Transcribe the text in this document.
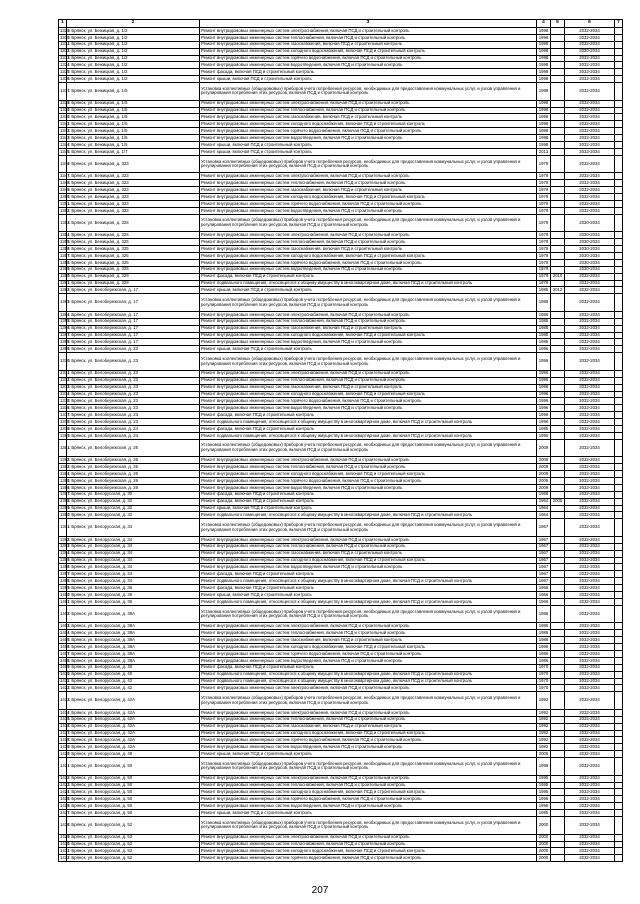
1	2	3	4	5	6	7
1329	г. Брянск, ул. Бежицкая, д. 1/2	Ремонт внутридомовых инженерных систем электроснабжения, включая ПСД и строительный контроль	1998		2032-2034	
1330	г. Брянск, ул. Бежицкая, д. 1/2	Ремонт внутридомовых инженерных систем теплоснабжения, включая ПСД и строительный контроль	1998		2032-2034	
1331	г. Брянск, ул. Бежицкая, д. 1/2	Ремонт внутридомовых инженерных систем газоснабжения, включая ПСД и строительный контроль	1998		2032-2034	
1332	г. Брянск, ул. Бежицкая, д. 1/2	Ремонт внутридомовых инженерных систем холодного водоснабжения, включая ПСД и строительный контроль	1998		2030-2034	
1333	г. Брянск, ул. Бежицкая, д. 1/2	Ремонт внутридомовых инженерных систем горячего водоснабжения, включая ПСД и строительный контроль	1998		2032-2034	
1334	г. Брянск, ул. Бежицкая, д. 1/2	Ремонт внутридомовых инженерных систем водоотведения, включая ПСД и строительный контроль	1998		2032-2034	
1335	г. Брянск, ул. Бежицкая, д. 1/2	Ремонт фасада, включая ПСД и строительный контроль	1998		2032-2034	
1336	г. Брянск, ул. Бежицкая, д. 1/2	Ремонт крыши, включая ПСД и строительный контроль	1998		2032-2034	
1337	г. Брянск, ул. Бежицкая, д. 1/5	Установка коллективных (общедомовых) приборов учета потребления ресурсов, необходимых для предоставления коммунальных услуг, и узлов управления и регулирования потребления этих ресурсов, включая ПСД и строительный контроль	1998		2032-2034	
1338	г. Брянск, ул. Бежицкая, д. 1/5	Ремонт внутридомовых инженерных систем электроснабжения, включая ПСД и строительный контроль	1998		2032-2034	
1339	г. Брянск, ул. Бежицкая, д. 1/5	Ремонт внутридомовых инженерных систем теплоснабжения, включая ПСД и строительный контроль	1998		2032-2034	
1340	г. Брянск, ул. Бежицкая, д. 1/5	Ремонт внутридомовых инженерных систем газоснабжения, включая ПСД и строительный контроль	1998		2032-2034	
1341	г. Брянск, ул. Бежицкая, д. 1/5	Ремонт внутридомовых инженерных систем холодного водоснабжения, включая ПСД и строительный контроль	1998		2032-2034	
1342	г. Брянск, ул. Бежицкая, д. 1/5	Ремонт внутридомовых инженерных систем горячего водоснабжения, включая ПСД и строительный контроль	1998		2032-2034	
1343	г. Брянск, ул. Бежицкая, д. 1/5	Ремонт внутридомовых инженерных систем водоотведения, включая ПСД и строительный контроль	1998		2032-2034	
1344	г. Брянск, ул. Бежицкая, д. 1/5	Ремонт крыши, включая ПСД и строительный контроль	1998		2032-2034	
1345	г. Брянск, ул. Бежицкая, д. 1/7	Ремонт крыши, включая ПСД и строительный контроль	2013		2032-2034	
1346	г. Брянск, ул. Бежицкая, д. 323	Установка коллективных (общедомовых) приборов учета потребления ресурсов, необходимых для предоставления коммунальных услуг, и узлов управления и регулирования потребления этих ресурсов, включая ПСД и строительный контроль	1979		2032-2034	
1347	г. Брянск, ул. Бежицкая, д. 323	Ремонт внутридомовых инженерных систем электроснабжения, включая ПСД и строительный контроль	1979		2032-2034	
1348	г. Брянск, ул. Бежицкая, д. 323	Ремонт внутридомовых инженерных систем теплоснабжения, включая ПСД и строительный контроль	1979		2032-2034	
1349	г. Брянск, ул. Бежицкая, д. 323	Ремонт внутридомовых инженерных систем газоснабжения, включая ПСД и строительный контроль	1979		2032-2034	
1350	г. Брянск, ул. Бежицкая, д. 323	Ремонт внутридомовых инженерных систем холодного водоснабжения, включая ПСД и строительный контроль	1979		2032-2034	
1351	г. Брянск, ул. Бежицкая, д. 323	Ремонт внутридомовых инженерных систем горячего водоснабжения, включая ПСД и строительный контроль	1979		2032-2034	
1352	г. Брянск, ул. Бежицкая, д. 323	Ремонт внутридомовых инженерных систем водоотведения, включая ПСД и строительный контроль	1979		2032-2034	
1353	г. Брянск, ул. Бежицкая, д. 325	Установка коллективных (общедомовых) приборов учета потребления ресурсов, необходимых для предоставления коммунальных услуг, и узлов управления и регулирования потребления этих ресурсов, включая ПСД и строительный контроль	1979		2030-2034	
1354	г. Брянск, ул. Бежицкая, д. 325	Ремонт внутридомовых инженерных систем электроснабжения, включая ПСД и строительный контроль	1979		2030-2034	
1355	г. Брянск, ул. Бежицкая, д. 325	Ремонт внутридомовых инженерных систем теплоснабжения, включая ПСД и строительный контроль	1979		2030-2034	
1356	г. Брянск, ул. Бежицкая, д. 325	Ремонт внутридомовых инженерных систем газоснабжения, включая ПСД и строительный контроль	1979		2030-2034	
1357	г. Брянск, ул. Бежицкая, д. 325	Ремонт внутридомовых инженерных систем холодного водоснабжения, включая ПСД и строительный контроль	1979		2030-2034	
1358	г. Брянск, ул. Бежицкая, д. 325	Ремонт внутридомовых инженерных систем горячего водоснабжения, включая ПСД и строительный контроль	1979		2030-2034	
1359	г. Брянск, ул. Бежицкая, д. 325	Ремонт внутридомовых инженерных систем водоотведения, включая ПСД и строительный контроль	1979		2030-2034	
1360	г. Брянск, ул. Бежицкая, д. 329	Ремонт фасада, включая ПСД и строительный контроль	1979	2010	2032-2034	
1361	г. Брянск, ул. Бежицкая, д. 329	Ремонт подвального помещения, относящегося к общему имуществу в многоквартирном доме, включая ПСД и строительный контроль	1979		2032-2034	
1362	г. Брянск, ул. Белобережская, д. 17	Ремонт крыши, включая ПСД и строительный контроль	1985	2012	2032-2034	
1363	г. Брянск, ул. Белобережская, д. 17	Установка коллективных (общедомовых) приборов учета потребления ресурсов, необходимых для предоставления коммунальных услуг, и узлов управления и регулирования потребления этих ресурсов, включая ПСД и строительный контроль	1985		2032-2034	
1364	г. Брянск, ул. Белобережская, д. 17	Ремонт внутридомовых инженерных систем электроснабжения, включая ПСД и строительный контроль	1985		2032-2034	
1365	г. Брянск, ул. Белобережская, д. 17	Ремонт внутридомовых инженерных систем теплоснабжения, включая ПСД и строительный контроль	1985		2032-2034	
1366	г. Брянск, ул. Белобережская, д. 17	Ремонт внутридомовых инженерных систем газоснабжения, включая ПСД и строительный контроль	1985		2032-2034	
1367	г. Брянск, ул. Белобережская, д. 17	Ремонт внутридомовых инженерных систем холодного водоснабжения, включая ПСД и строительный контроль	1985		2032-2034	
1368	г. Брянск, ул. Белобережская, д. 17	Ремонт внутридомовых инженерных систем водоотведения, включая ПСД и строительный контроль	1985		2032-2034	
1369	г. Брянск, ул. Белобережская, д. 23	Ремонт крыши, включая ПСД и строительный контроль	1996		2032-2034	
1370	г. Брянск, ул. Белобережская, д. 23	Установка коллективных (общедомовых) приборов учета потребления ресурсов, необходимых для предоставления коммунальных услуг, и узлов управления и регулирования потребления этих ресурсов, включая ПСД и строительный контроль	1996		2032-2034	
1371	г. Брянск, ул. Белобережская, д. 23	Ремонт внутридомовых инженерных систем электроснабжения, включая ПСД и строительный контроль	1996		2032-2034	
1372	г. Брянск, ул. Белобережская, д. 23	Ремонт внутридомовых инженерных систем теплоснабжения, включая ПСД и строительный контроль	1996		2032-2034	
1373	г. Брянск, ул. Белобережская, д. 23	Ремонт внутридомовых инженерных систем газоснабжения, включая ПСД и строительный контроль	1996		2032-2034	
1374	г. Брянск, ул. Белобережская, д. 23	Ремонт внутридомовых инженерных систем холодного водоснабжения, включая ПСД и строительный контроль	1996		2032-2034	
1375	г. Брянск, ул. Белобережская, д. 23	Ремонт внутридомовых инженерных систем горячего водоснабжения, включая ПСД и строительный контроль	1996		2032-2034	
1376	г. Брянск, ул. Белобережская, д. 23	Ремонт внутридомовых инженерных систем водоотведения, включая ПСД и строительный контроль	1996		2032-2034	
1377	г. Брянск, ул. Белобережская, д. 23	Ремонт фасада, включая ПСД и строительный контроль	1996		2032-2034	
1378	г. Брянск, ул. Белобережская, д. 23	Ремонт подвального помещения, относящегося к общему имуществу в многоквартирном доме, включая ПСД и строительный контроль	1996		2032-2034	
1379	г. Брянск, ул. Белобережская, д. 24	Ремонт фасада, включая ПСД и строительный контроль	1995		2032-2034	
1380	г. Брянск, ул. Белобережская, д. 24	Ремонт подвального помещения, относящегося к общему имуществу в многоквартирном доме, включая ПСД и строительный контроль	1995		2032-2034	
1381	г. Брянск, ул. Белобережская, д. 26	Установка коллективных (общедомовых) приборов учета потребления ресурсов, необходимых для предоставления коммунальных услуг, и узлов управления и регулирования потребления этих ресурсов, включая ПСД и строительный контроль	2009		2032-2034	
1382	г. Брянск, ул. Белобережская, д. 26	Ремонт внутридомовых инженерных систем электроснабжения, включая ПСД и строительный контроль	2009		2032-2034	
1383	г. Брянск, ул. Белобережская, д. 26	Ремонт внутридомовых инженерных систем теплоснабжения, включая ПСД и строительный контроль	2009		2032-2034	
1384	г. Брянск, ул. Белобережская, д. 26	Ремонт внутридомовых инженерных систем холодного водоснабжения, включая ПСД и строительный контроль	2009		2032-2034	
1385	г. Брянск, ул. Белобережская, д. 26	Ремонт внутридомовых инженерных систем горячего водоснабжения, включая ПСД и строительный контроль	2009		2032-2034	
1386	г. Брянск, ул. Белобережская, д. 26	Ремонт внутридомовых инженерных систем водоотведения, включая ПСД и строительный контроль	2009		2032-2034	
1387	г. Брянск, ул. Белорусская, д. 30	Ремонт фасада, включая ПСД и строительный контроль	1968		2032-2034	
1388	г. Брянск, ул. Белорусская, д. 32	Ремонт фасада, включая ПСД и строительный контроль	1964	2005	2032-2034	
1389	г. Брянск, ул. Белорусская, д. 32	Ремонт крыши, включая ПСД и строительный контроль	1964		2032-2034	
1390	г. Брянск, ул. Белорусская, д. 32	Ремонт подвального помещения, относящегося к общему имуществу в многоквартирном доме, включая ПСД и строительный контроль	1964		2032-2034	
1391	г. Брянск, ул. Белорусская, д. 34	Установка коллективных (общедомовых) приборов учета потребления ресурсов, необходимых для предоставления коммунальных услуг, и узлов управления и регулирования потребления этих ресурсов, включая ПСД и строительный контроль	1967		2032-2034	
1392	г. Брянск, ул. Белорусская, д. 34	Ремонт внутридомовых инженерных систем электроснабжения, включая ПСД и строительный контроль	1967		2032-2034	
1393	г. Брянск, ул. Белорусская, д. 34	Ремонт внутридомовых инженерных систем теплоснабжения, включая ПСД и строительный контроль	1967		2032-2034	
1394	г. Брянск, ул. Белорусская, д. 34	Ремонт внутридомовых инженерных систем газоснабжения, включая ПСД и строительный контроль	1967		2032-2034	
1395	г. Брянск, ул. Белорусская, д. 34	Ремонт внутридомовых инженерных систем холодного водоснабжения, включая ПСД и строительный контроль	1967		2032-2034	
1396	г. Брянск, ул. Белорусская, д. 34	Ремонт внутридомовых инженерных систем водоотведения, включая ПСД и строительный контроль	1967		2032-2034	
1397	г. Брянск, ул. Белорусская, д. 34	Ремонт фасада, включая ПСД и строительный контроль	1967		2032-2034	
1398	г. Брянск, ул. Белорусская, д. 34	Ремонт подвального помещения, относящегося к общему имуществу в многоквартирном доме, включая ПСД и строительный контроль	1967		2032-2034	
1399	г. Брянск, ул. Белорусская, д. 36	Ремонт фасада, включая ПСД и строительный контроль	1966		2032-2034	
1400	г. Брянск, ул. Белорусская, д. 36	Ремонт крыши, включая ПСД и строительный контроль	1966		2032-2034	
1401	г. Брянск, ул. Белорусская, д. 36	Ремонт подвального помещения, относящегося к общему имуществу в многоквартирном доме, включая ПСД и строительный контроль	1966		2032-2034	
1402	г. Брянск, ул. Белорусская, д. 38А	Установка коллективных (общедомовых) приборов учета потребления ресурсов, необходимых для предоставления коммунальных услуг, и узлов управления и регулирования потребления этих ресурсов, включая ПСД и строительный контроль	1986		2032-2034	
1403	г. Брянск, ул. Белорусская, д. 38А	Ремонт внутридомовых инженерных систем электроснабжения, включая ПСД и строительный контроль	1986		2032-2034	
1404	г. Брянск, ул. Белорусская, д. 38А	Ремонт внутридомовых инженерных систем теплоснабжения, включая ПСД и строительный контроль	1986		2032-2034	
1405	г. Брянск, ул. Белорусская, д. 38А	Ремонт внутридомовых инженерных систем газоснабжения, включая ПСД и строительный контроль	1986		2032-2034	
1406	г. Брянск, ул. Белорусская, д. 38А	Ремонт внутридомовых инженерных систем холодного водоснабжения, включая ПСД и строительный контроль	1986		2032-2034	
1407	г. Брянск, ул. Белорусская, д. 38А	Ремонт внутридомовых инженерных систем горячего водоснабжения, включая ПСД и строительный контроль	1986		2032-2034	
1408	г. Брянск, ул. Белорусская, д. 38А	Ремонт внутридомовых инженерных систем водоотведения, включая ПСД и строительный контроль	1986		2032-2034	
1409	г. Брянск, ул. Белорусская, д. 40	Ремонт фасада, включая ПСД и строительный контроль	1970		2032-2034	
1410	г. Брянск, ул. Белорусская, д. 40	Ремонт подвального помещения, относящегося к общему имуществу в многоквартирном доме, включая ПСД и строительный контроль	1970		2032-2034	
1411	г. Брянск, ул. Белорусская, д. 42	Ремонт подвального помещения, относящегося к общему имуществу в многоквартирном доме, включая ПСД и строительный контроль	1970		2032-2034	
1412	г. Брянск, ул. Белорусская, д. 42	Ремонт внутридомовых инженерных систем электроснабжения, включая ПСД и строительный контроль	1970		2032-2034	
1413	г. Брянск, ул. Белорусская, д. 42А	Установка коллективных (общедомовых) приборов учета потребления ресурсов, необходимых для предоставления коммунальных услуг, и узлов управления и регулирования потребления этих ресурсов, включая ПСД и строительный контроль	1992		2032-2034	
1414	г. Брянск, ул. Белорусская, д. 42А	Ремонт внутридомовых инженерных систем электроснабжения, включая ПСД и строительный контроль	1992		2032-2034	
1415	г. Брянск, ул. Белорусская, д. 42А	Ремонт внутридомовых инженерных систем теплоснабжения, включая ПСД и строительный контроль	1992		2032-2034	
1416	г. Брянск, ул. Белорусская, д. 42А	Ремонт внутридомовых инженерных систем газоснабжения, включая ПСД и строительный контроль	1992		2032-2034	
1417	г. Брянск, ул. Белорусская, д. 42А	Ремонт внутридомовых инженерных систем холодного водоснабжения, включая ПСД и строительный контроль	1992		2032-2034	
1418	г. Брянск, ул. Белорусская, д. 42А	Ремонт внутридомовых инженерных систем горячего водоснабжения, включая ПСД и строительный контроль	1992		2032-2034	
1419	г. Брянск, ул. Белорусская, д. 42А	Ремонт внутридомовых инженерных систем водоотведения, включая ПСД и строительный контроль	1992		2032-2034	
1420	г. Брянск, ул. Белорусская, д. 48	Ремонт крыши, включая ПСД и строительный контроль	2005		2032-2034	
1421	г. Брянск, ул. Белорусская, д. 50	Установка коллективных (общедомовых) приборов учета потребления ресурсов, необходимых для предоставления коммунальных услуг, и узлов управления и регулирования потребления этих ресурсов, включая ПСД и строительный контроль	1995		2032-2034	
1422	г. Брянск, ул. Белорусская, д. 50	Ремонт внутридомовых инженерных систем электроснабжения, включая ПСД и строительный контроль	1995		2032-2034	
1423	г. Брянск, ул. Белорусская, д. 50	Ремонт внутридомовых инженерных систем теплоснабжения, включая ПСД и строительный контроль	1995		2032-2034	
1424	г. Брянск, ул. Белорусская, д. 50	Ремонт внутридомовых инженерных систем холодного водоснабжения, включая ПСД и строительный контроль	1995		2032-2034	
1425	г. Брянск, ул. Белорусская, д. 50	Ремонт внутридомовых инженерных систем горячего водоснабжения, включая ПСД и строительный контроль	1995		2032-2034	
1426	г. Брянск, ул. Белорусская, д. 50	Ремонт внутридомовых инженерных систем водоотведения, включая ПСД и строительный контроль	1995		2032-2034	
1427	г. Брянск, ул. Белорусская, д. 50	Ремонт крыши, включая ПСД и строительный контроль	1995		2032-2034	
1428	г. Брянск, ул. Белорусская, д. 52	Установка коллективных (общедомовых) приборов учета потребления ресурсов, необходимых для предоставления коммунальных услуг, и узлов управления и регулирования потребления этих ресурсов, включая ПСД и строительный контроль	2000		2032-2034	
1429	г. Брянск, ул. Белорусская, д. 52	Ремонт внутридомовых инженерных систем электроснабжения, включая ПСД и строительный контроль	2000		2032-2034	
1430	г. Брянск, ул. Белорусская, д. 52	Ремонт внутридомовых инженерных систем теплоснабжения, включая ПСД и строительный контроль	2000		2032-2034	
1431	г. Брянск, ул. Белорусская, д. 52	Ремонт внутридомовых инженерных систем холодного водоснабжения, включая ПСД и строительный контроль	2000		2032-2034	
1432	г. Брянск, ул. Белорусская, д. 52	Ремонт внутридомовых инженерных систем горячего водоснабжения, включая ПСД и строительный контроль	2000		2032-2034	
207
